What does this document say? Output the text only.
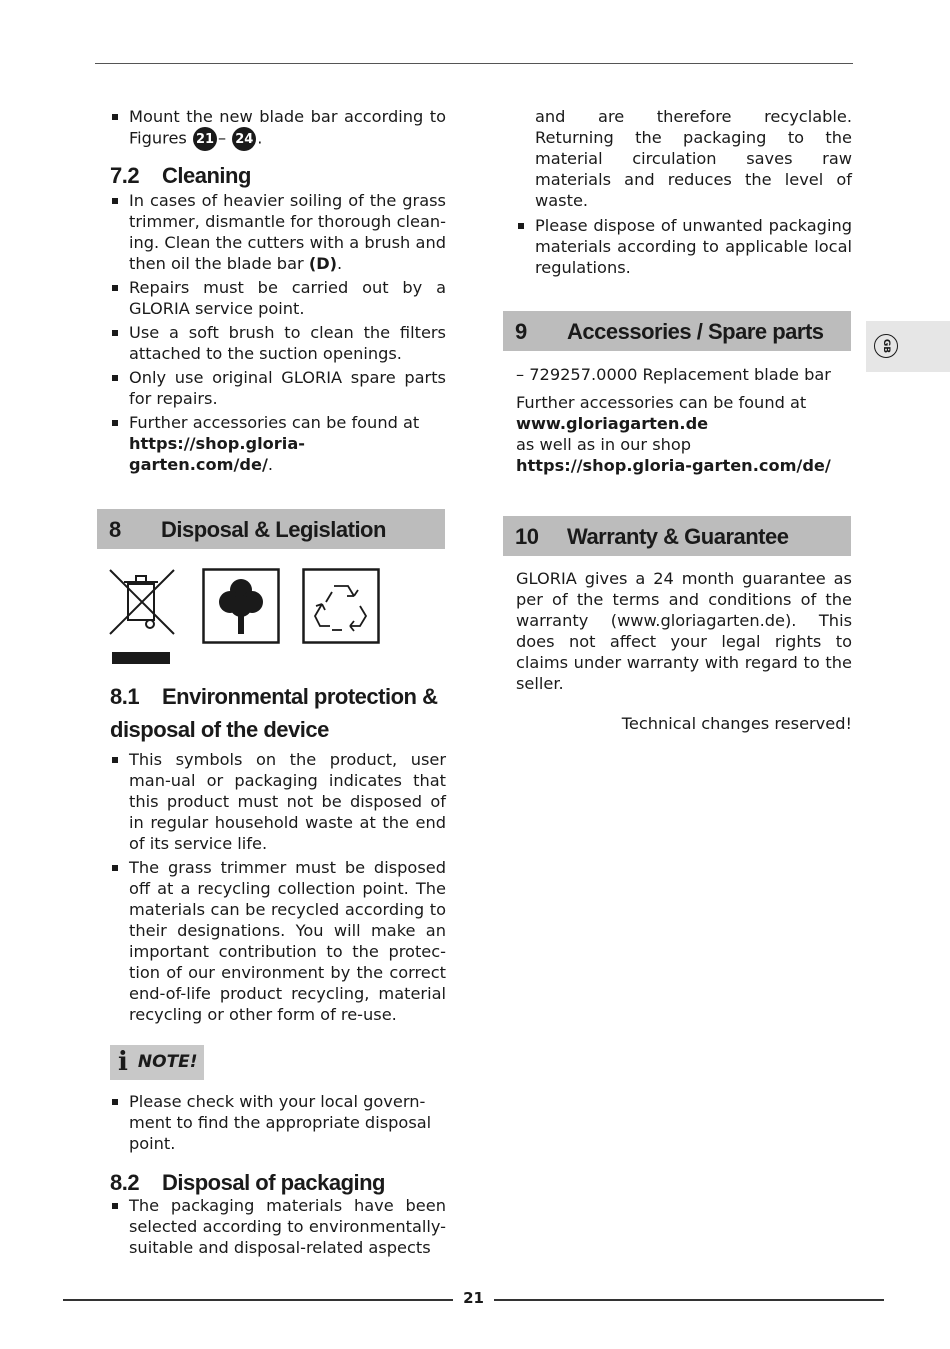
Mount the new blade bar according to Figures 21 – 24 .
7.2 Cleaning
In cases of heavier soiling of the grass trimmer, dismantle for thorough clean-ing. Clean the cutters with a brush and then oil the blade bar (D).
Repairs must be carried out by a GLORIA service point.
Use a soft brush to clean the filters attached to the suction openings.
Only use original GLORIA spare parts for repairs.
Further accessories can be found at
https://shop.gloria-garten.com/de/.
8	Disposal & Legislation
8.1 Environmental protection &
disposal of the device
This symbols on the product, user man-ual or packaging indicates that this product must not be disposed of in regular household waste at the end of its service life.
The grass trimmer must be disposed off at a recycling collection point. The materials can be recycled according to their designations. You will make an important contribution to the protec-tion of our environment by the correct end-of-life product recycling, material recycling or other form of re-use.
i NOTE!
Please check with your local govern-ment to find the appropriate disposal point.
8.2 Disposal of packaging
The packaging materials have been selected according to environmentally-suitable and disposal-related aspects

and are therefore recyclable. Returning the packaging to the material circulation saves raw materials and reduces the level of waste.

Please dispose of unwanted packaging materials according to applicable local regulations.
9	Accessories / Spare parts

– 729257.0000 Replacement blade bar

Further accessories can be found at

www.gloriagarten.de

as well as in our shop

https://shop.gloria-garten.com/de/

10	Warranty & Guarantee

GLORIA gives a 24 month guarantee as per of the terms and conditions of the warranty (www.gloriagarten.de). This does not affect your legal rights to claims under warranty with regard to the seller.

Technical changes reserved!

GB
21
